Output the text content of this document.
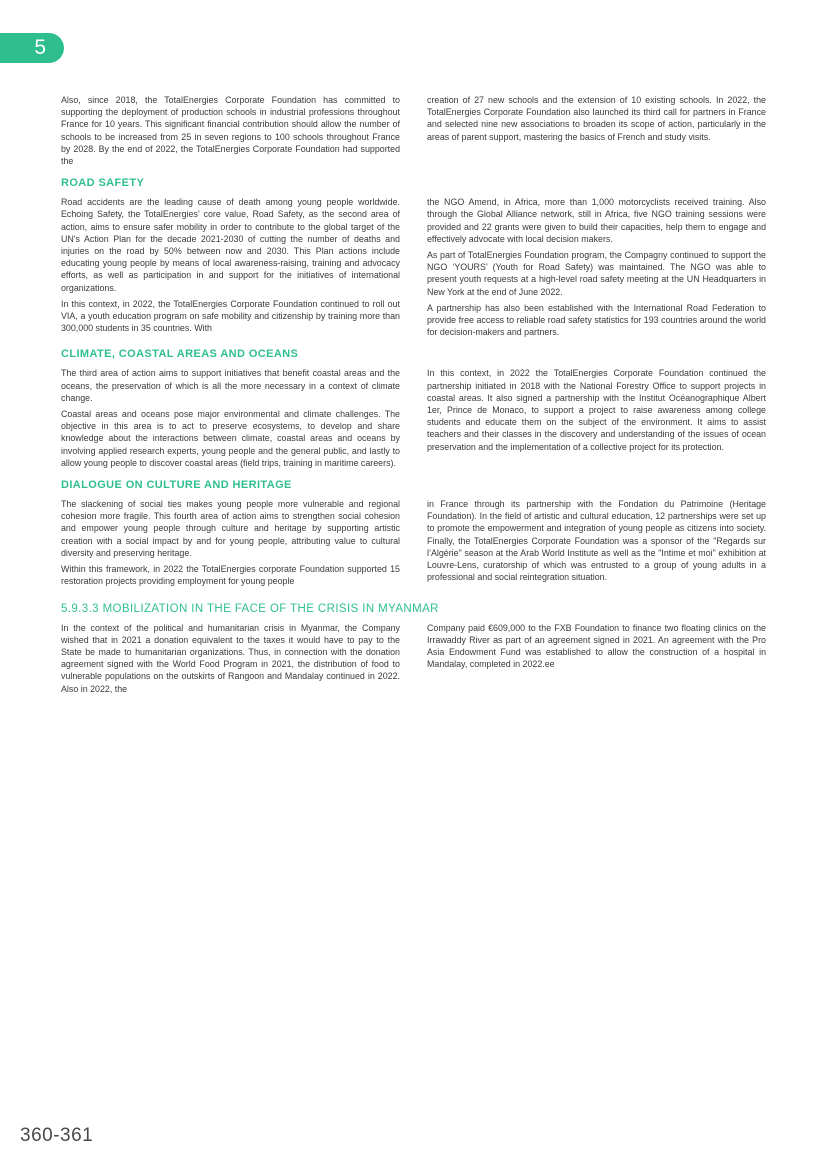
5

Also, since 2018, the TotalEnergies Corporate Foundation has committed to supporting the deployment of production schools in industrial professions throughout France for 10 years. This significant financial contribution should allow the number of schools to be increased from 25 in seven regions to 100 schools throughout France by 2028. By the end of 2022, the TotalEnergies Corporate Foundation had supported the

creation of 27 new schools and the extension of 10 existing schools. In 2022, the TotalEnergies Corporate Foundation also launched its third call for partners in France and selected nine new associations to broaden its scope of action, particularly in the areas of parent support, mastering the basics of French and study visits.

ROAD SAFETY

Road accidents are the leading cause of death among young people worldwide. Echoing Safety, the TotalEnergies’ core value, Road Safety, as the second area of action, aims to ensure safer mobility in order to contribute to the global target of the UN's Action Plan for the decade 2021-2030 of cutting the number of deaths and injuries on the road by 50% between now and 2030. This Plan actions include educating young people by means of local awareness-raising, training and advocacy efforts, as well as participation in and support for the initiatives of international organizations.

In this context, in 2022, the TotalEnergies Corporate Foundation continued to roll out VIA, a youth education program on safe mobility and citizenship by training more than 300,000 students in 35 countries. With

the NGO Amend, in Africa, more than 1,000 motorcyclists received training. Also through the Global Alliance network, still in Africa, five NGO training sessions were provided and 22 grants were given to build their capacities, help them to engage and effectively advocate with local decision makers.

As part of TotalEnergies Foundation program, the Compagny continued to support the NGO ‘YOURS’ (Youth for Road Safety) was maintained. The NGO was able to present youth requests at a high-level road safety meeting at the UN Headquarters in New York at the end of June 2022.

A partnership has also been established with the International Road Federation to provide free access to reliable road safety statistics for 193 countries around the world for decision-makers and partners.

CLIMATE, COASTAL AREAS AND OCEANS

The third area of action aims to support initiatives that benefit coastal areas and the oceans, the preservation of which is all the more necessary in a context of climate change.

Coastal areas and oceans pose major environmental and climate challenges. The objective in this area is to act to preserve ecosystems, to develop and share knowledge about the interactions between climate, coastal areas and oceans by involving applied research experts, young people and the general public, and lastly to allow young people to discover coastal areas (field trips, training in maritime careers).

In this context, in 2022 the TotalEnergies Corporate Foundation continued the partnership initiated in 2018 with the National Forestry Office to support projects in coastal areas. It also signed a partnership with the Institut Océanographique Albert 1er, Prince de Monaco, to support a project to raise awareness among college students and educate them on the subject of the environment. It aims to assist teachers and their classes in the discovery and understanding of the issues of ocean preservation and the implementation of a collective project for its protection.

DIALOGUE ON CULTURE AND HERITAGE

The slackening of social ties makes young people more vulnerable and regional cohesion more fragile. This fourth area of action aims to strengthen social cohesion and empower young people through culture and heritage by supporting artistic creation with a social impact by and for young people, attributing value to cultural diversity and preserving heritage.

Within this framework, in 2022 the TotalEnergies corporate Foundation supported 15 restoration projects providing employment for young people

in France through its partnership with the Fondation du Patrimoine (Heritage Foundation). In the field of artistic and cultural education, 12 partnerships were set up to promote the empowerment and integration of young people as citizens into society. Finally, the TotalEnergies Corporate Foundation was a sponsor of the "Regards sur l’Algérie" season at the Arab World Institute as well as the "Intime et moi" exhibition at Louvre-Lens, curatorship of which was entrusted to a group of young adults in a professional and social reintegration situation.

5.9.3.3 MOBILIZATION IN THE FACE OF THE CRISIS IN MYANMAR

In the context of the political and humanitarian crisis in Myanmar, the Company wished that in 2021 a donation equivalent to the taxes it would have to pay to the State be made to humanitarian organizations. Thus, in connection with the donation agreement signed with the World Food Program in 2021, the distribution of food to vulnerable populations on the outskirts of Rangoon and Mandalay continued in 2022. Also in 2022, the

Company paid €609,000 to the FXB Foundation to finance two floating clinics on the Irrawaddy River as part of an agreement signed in 2021. An agreement with the Pro Asia Endowment Fund was established to allow the construction of a hospital in Mandalay, completed in 2022.ee

360-361
